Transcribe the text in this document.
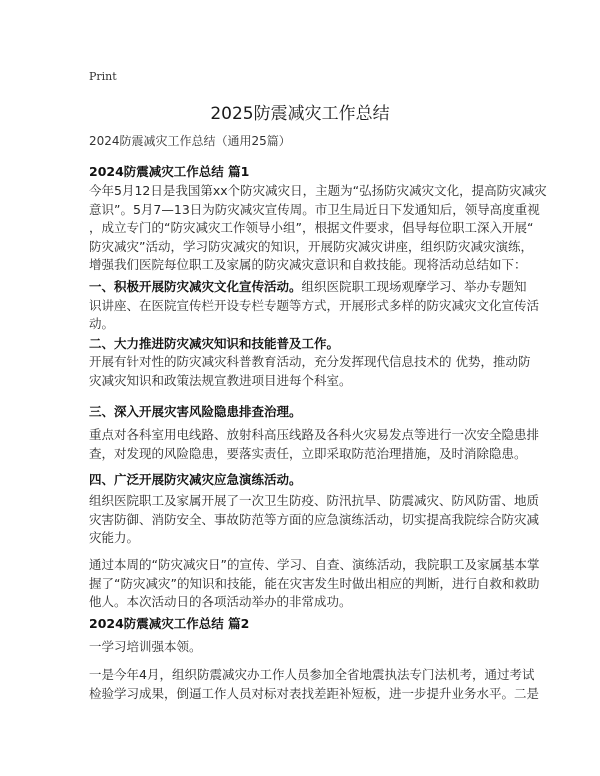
Print
2025防震减灾工作总结
2024防震减灾工作总结（通用25篇）
2024防震减灾工作总结 篇1
今年5月12日是我国第xx个防灾减灾日，主题为“弘扬防灾减灾文化，提高防灾减灾
意识”。5月7—13日为防灾减灾宣传周。市卫生局近日下发通知后，领导高度重视
，成立专门的“防灾减灾工作领导小组”，根据文件要求，倡导每位职工深入开展“
防灾减灾”活动，学习防灾减灾的知识，开展防灾减灾讲座，组织防灾减灾演练，
增强我们医院每位职工及家属的防灾减灾意识和自救技能。现将活动总结如下：
一、积极开展防灾减灾文化宣传活动。组织医院职工现场观摩学习、举办专题知
识讲座、在医院宣传栏开设专栏专题等方式，开展形式多样的防灾减灾文化宣传活
动。
二、大力推进防灾减灾知识和技能普及工作。
开展有针对性的防灾减灾科普教育活动，充分发挥现代信息技术的 优势，推动防
灾减灾知识和政策法规宣教进项目进每个科室。
三、深入开展灾害风险隐患排查治理。
重点对各科室用电线路、放射科高压线路及各科火灾易发点等进行一次安全隐患排
查，对发现的风险隐患，要落实责任，立即采取防范治理措施，及时消除隐患。
四、广泛开展防灾减灾应急演练活动。
组织医院职工及家属开展了一次卫生防疫、防汛抗旱、防震减灾、防风防雷、地质
灾害防御、消防安全、事故防范等方面的应急演练活动，切实提高我院综合防灾减
灾能力。
通过本周的“防灾减灾日”的宣传、学习、自查、演练活动，我院职工及家属基本掌
握了“防灾减灾”的知识和技能，能在灾害发生时做出相应的判断，进行自救和救助
他人。本次活动日的各项活动举办的非常成功。
2024防震减灾工作总结 篇2
一学习培训强本领。
一是今年4月，组织防震减灾办工作人员参加全省地震执法专门法机考，通过考试
检验学习成果，倒逼工作人员对标对表找差距补短板，进一步提升业务水平。二是
